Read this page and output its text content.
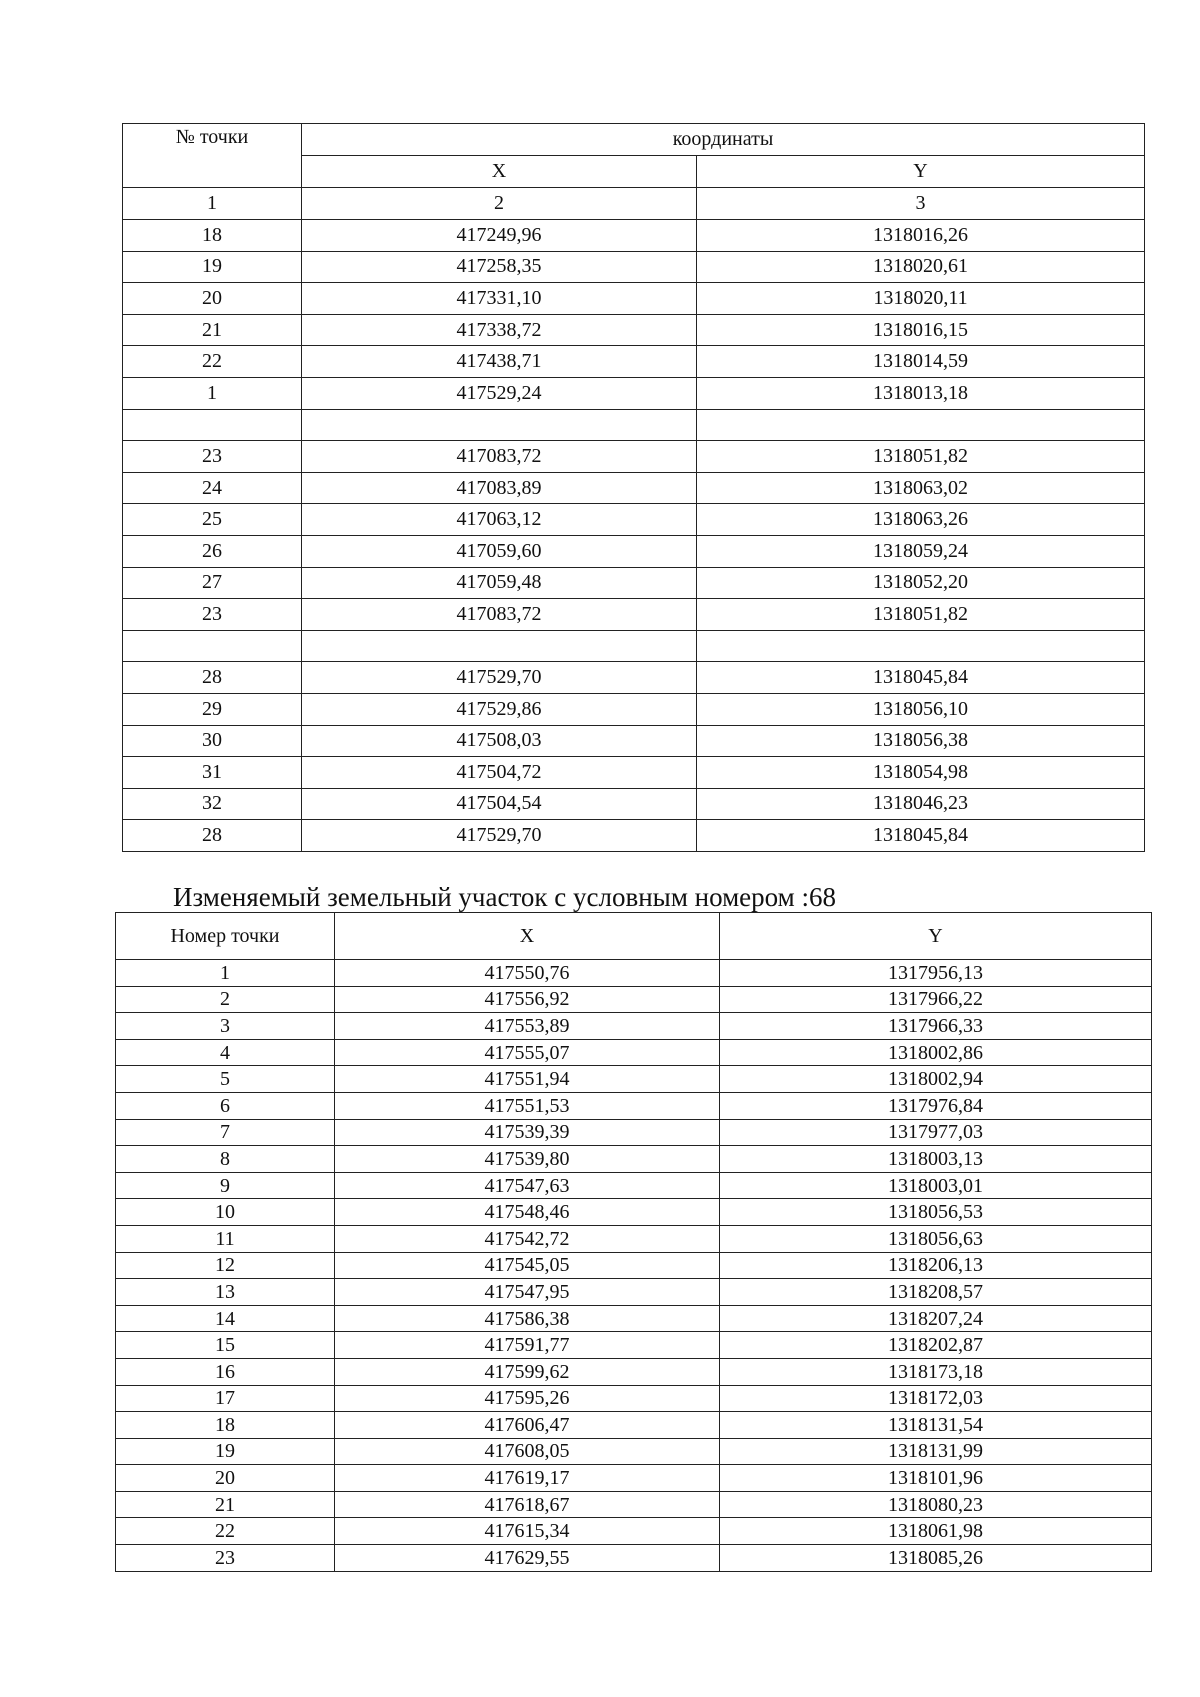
№ точки	координаты	
	X	Y
1	2	3
18	417249,96	1318016,26
19	417258,35	1318020,61
20	417331,10	1318020,11
21	417338,72	1318016,15
22	417438,71	1318014,59
1	417529,24	1318013,18

23	417083,72	1318051,82
24	417083,89	1318063,02
25	417063,12	1318063,26
26	417059,60	1318059,24
27	417059,48	1318052,20
23	417083,72	1318051,82

28	417529,70	1318045,84
29	417529,86	1318056,10
30	417508,03	1318056,38
31	417504,72	1318054,98
32	417504,54	1318046,23
28	417529,70	1318045,84
Изменяемый земельный участок с условным номером :68
Номер точки	X	Y
1	417550,76	1317956,13
2	417556,92	1317966,22
3	417553,89	1317966,33
4	417555,07	1318002,86
5	417551,94	1318002,94
6	417551,53	1317976,84
7	417539,39	1317977,03
8	417539,80	1318003,13
9	417547,63	1318003,01
10	417548,46	1318056,53
11	417542,72	1318056,63
12	417545,05	1318206,13
13	417547,95	1318208,57
14	417586,38	1318207,24
15	417591,77	1318202,87
16	417599,62	1318173,18
17	417595,26	1318172,03
18	417606,47	1318131,54
19	417608,05	1318131,99
20	417619,17	1318101,96
21	417618,67	1318080,23
22	417615,34	1318061,98
23	417629,55	1318085,26
